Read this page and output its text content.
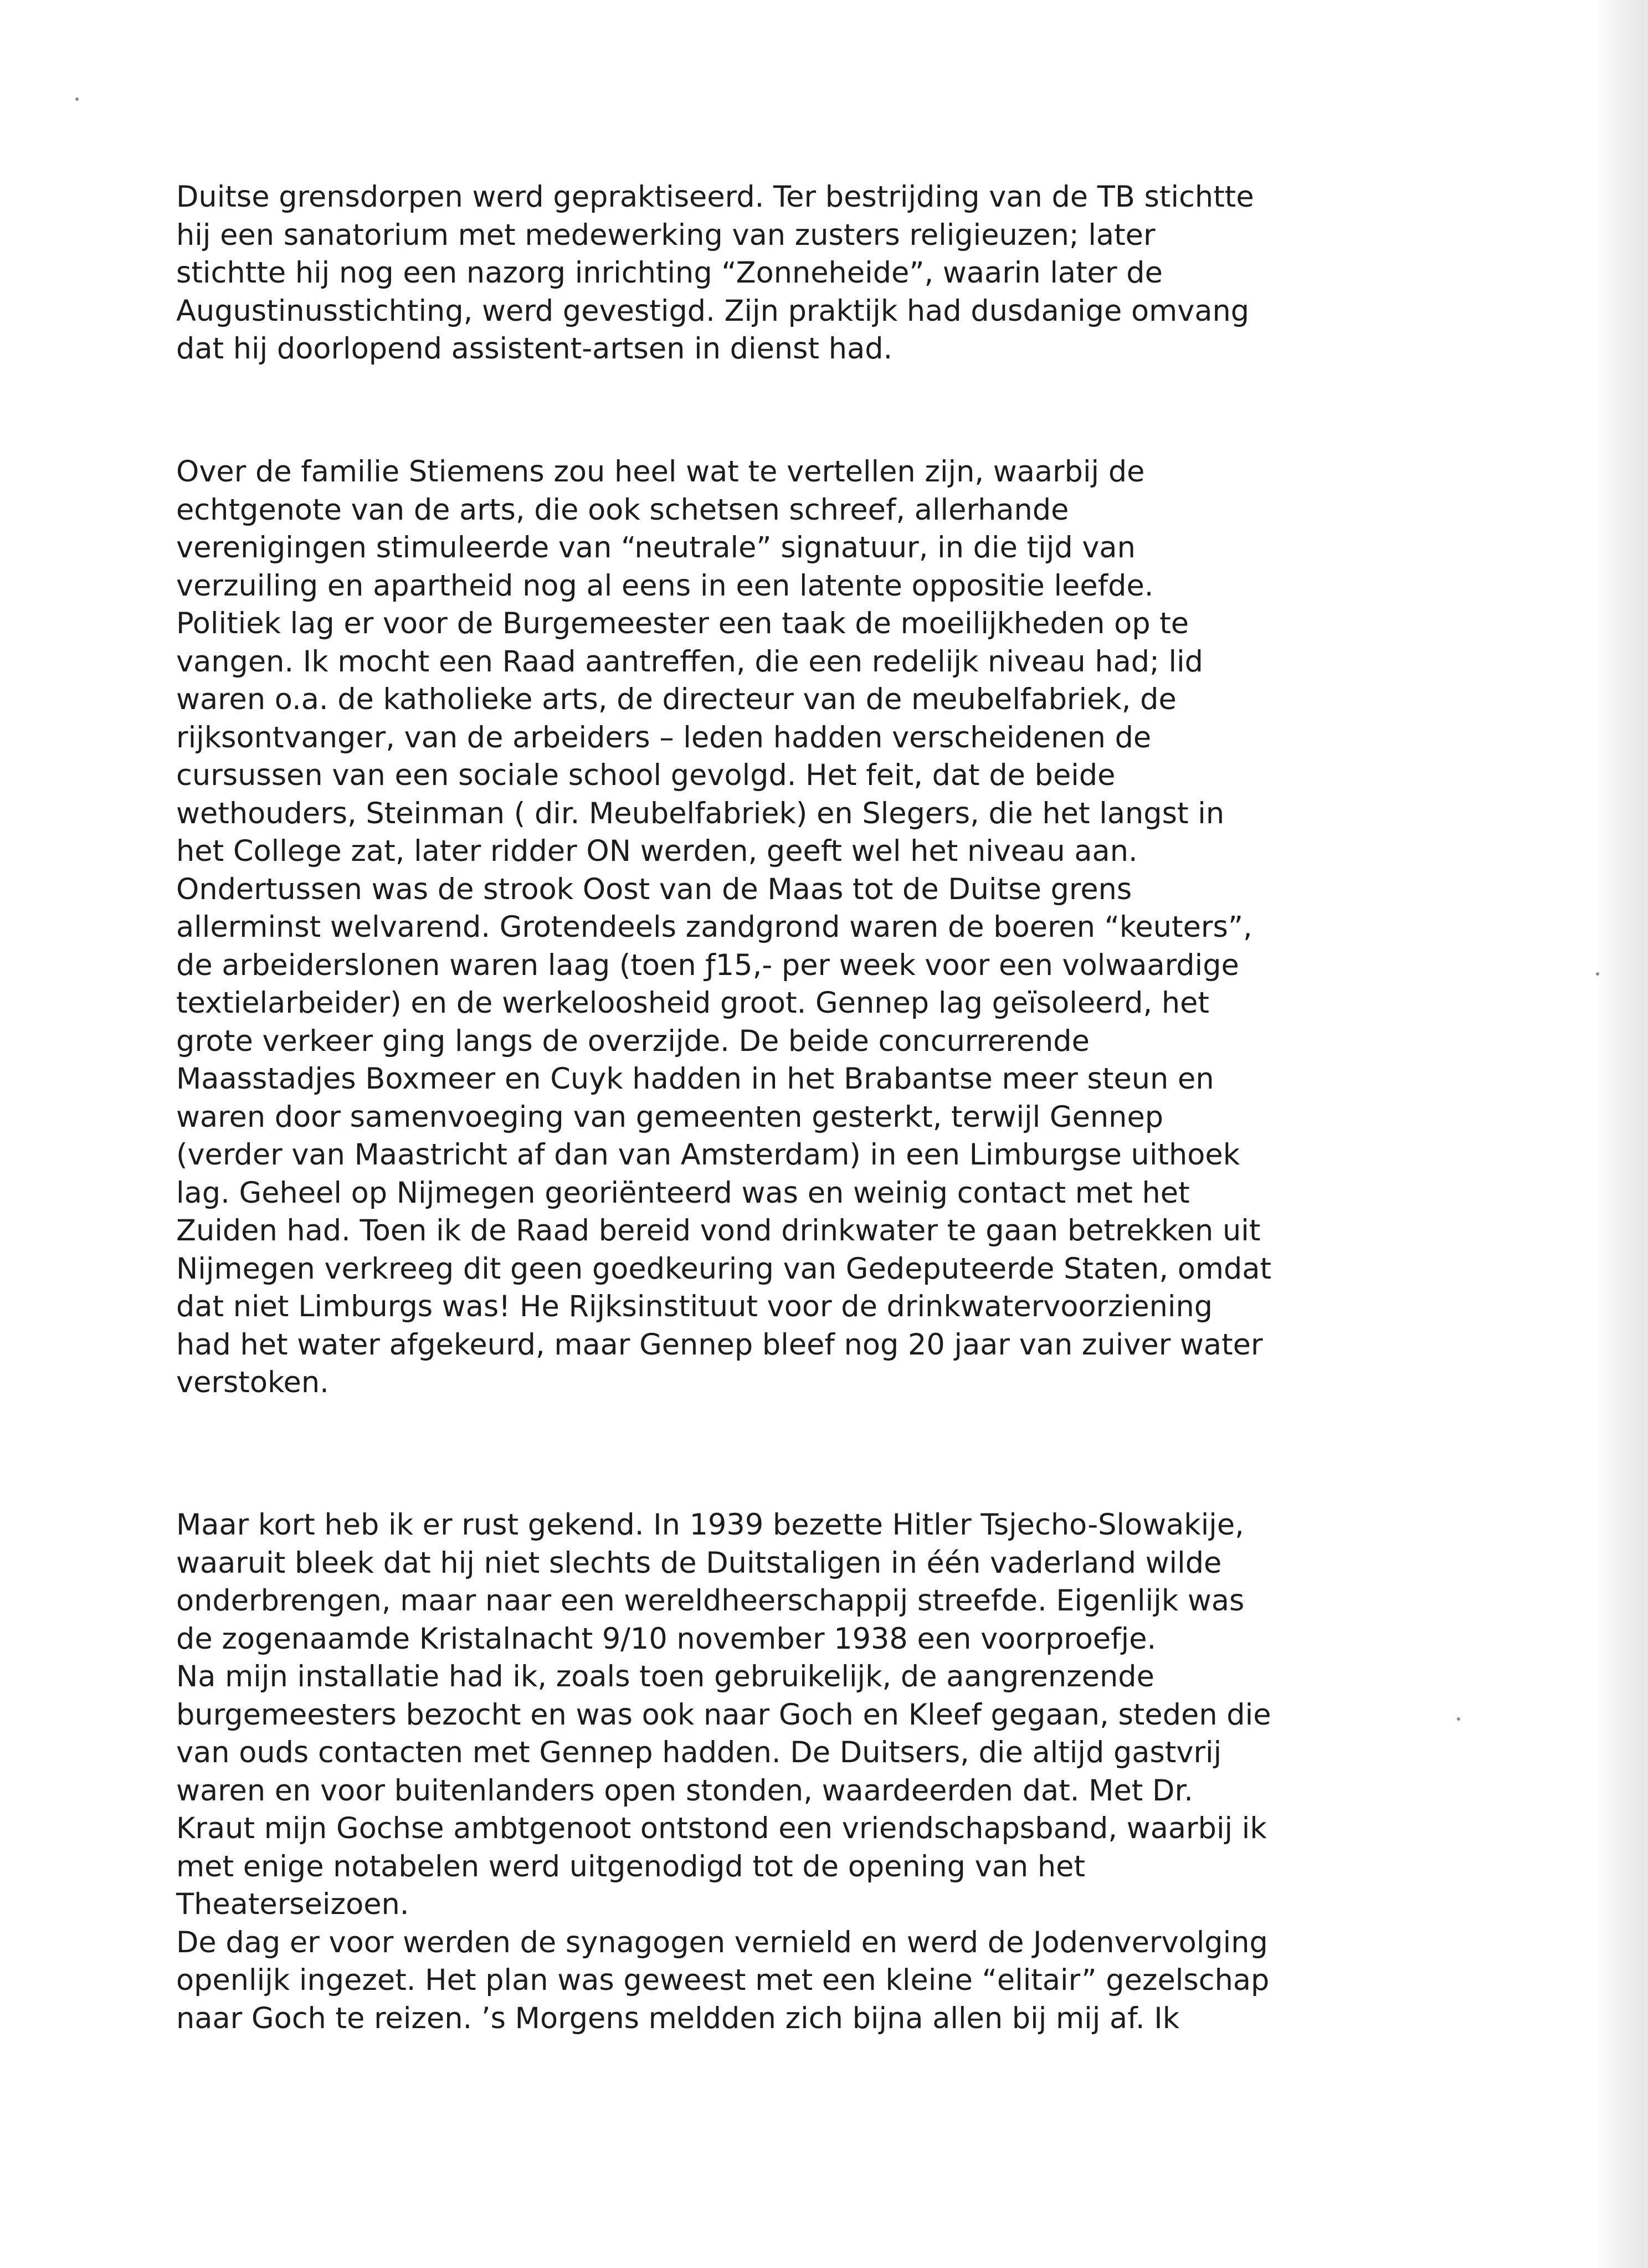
Duitse grensdorpen werd gepraktiseerd. Ter bestrijding van de TB stichtte
hij een sanatorium met medewerking van zusters religieuzen; later
stichtte hij nog een nazorg inrichting “Zonneheide”, waarin later de
Augustinusstichting, werd gevestigd. Zijn praktijk had dusdanige omvang
dat hij doorlopend assistent-artsen in dienst had.
Over de familie Stiemens zou heel wat te vertellen zijn, waarbij de
echtgenote van de arts, die ook schetsen schreef, allerhande
verenigingen stimuleerde van “neutrale” signatuur, in die tijd van
verzuiling en apartheid nog al eens in een latente oppositie leefde.
Politiek lag er voor de Burgemeester een taak de moeilijkheden op te
vangen. Ik mocht een Raad aantreffen, die een redelijk niveau had; lid
waren o.a. de katholieke arts, de directeur van de meubelfabriek, de
rijksontvanger, van de arbeiders – leden hadden verscheidenen de
cursussen van een sociale school gevolgd. Het feit, dat de beide
wethouders, Steinman ( dir. Meubelfabriek) en Slegers, die het langst in
het College zat, later ridder ON werden, geeft wel het niveau aan.
Ondertussen was de strook Oost van de Maas tot de Duitse grens
allerminst welvarend. Grotendeels zandgrond waren de boeren “keuters”,
de arbeiderslonen waren laag (toen ƒ15,- per week voor een volwaardige
textielarbeider) en de werkeloosheid groot. Gennep lag geïsoleerd, het
grote verkeer ging langs de overzijde. De beide concurrerende
Maasstadjes Boxmeer en Cuyk hadden in het Brabantse meer steun en
waren door samenvoeging van gemeenten gesterkt, terwijl Gennep
(verder van Maastricht af dan van Amsterdam) in een Limburgse uithoek
lag. Geheel op Nijmegen georiënteerd was en weinig contact met het
Zuiden had. Toen ik de Raad bereid vond drinkwater te gaan betrekken uit
Nijmegen verkreeg dit geen goedkeuring van Gedeputeerde Staten, omdat
dat niet Limburgs was! He Rijksinstituut voor de drinkwatervoorziening
had het water afgekeurd, maar Gennep bleef nog 20 jaar van zuiver water
verstoken.
Maar kort heb ik er rust gekend. In 1939 bezette Hitler Tsjecho-Slowakije,
waaruit bleek dat hij niet slechts de Duitstaligen in één vaderland wilde
onderbrengen, maar naar een wereldheerschappij streefde. Eigenlijk was
de zogenaamde Kristalnacht 9/10 november 1938 een voorproefje.
Na mijn installatie had ik, zoals toen gebruikelijk, de aangrenzende
burgemeesters bezocht en was ook naar Goch en Kleef gegaan, steden die
van ouds contacten met Gennep hadden. De Duitsers, die altijd gastvrij
waren en voor buitenlanders open stonden, waardeerden dat. Met Dr.
Kraut mijn Gochse ambtgenoot ontstond een vriendschapsband, waarbij ik
met enige notabelen werd uitgenodigd tot de opening van het
Theaterseizoen.
De dag er voor werden de synagogen vernield en werd de Jodenvervolging
openlijk ingezet. Het plan was geweest met een kleine “elitair” gezelschap
naar Goch te reizen. ’s Morgens meldden zich bijna allen bij mij af. Ik
